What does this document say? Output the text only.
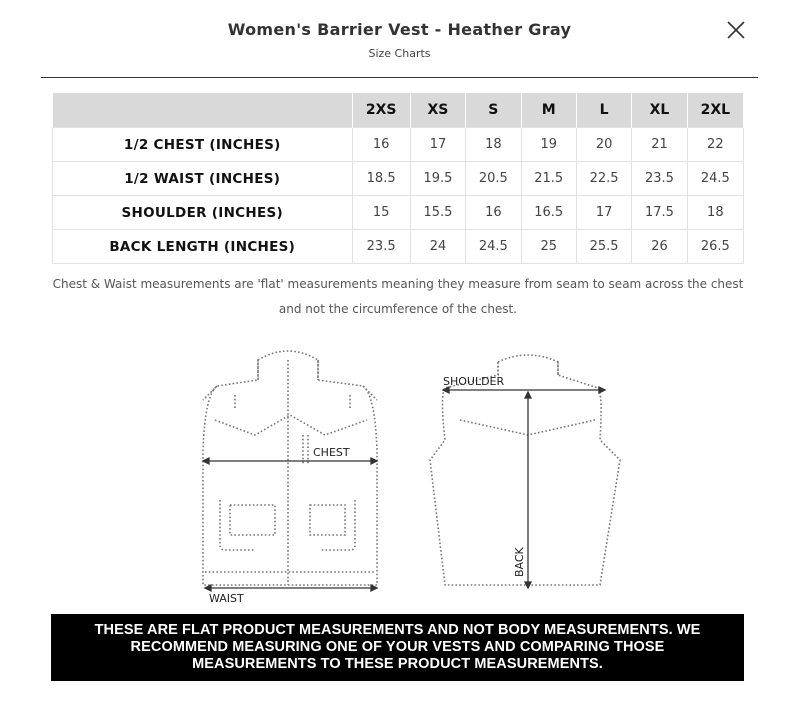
Women's Barrier Vest - Heather Gray
Size Charts
	2XS	XS	S	M	L	XL	2XL
1/2 CHEST (INCHES)	16	17	18	19	20	21	22
1/2 WAIST (INCHES)	18.5	19.5	20.5	21.5	22.5	23.5	24.5
SHOULDER (INCHES)	15	15.5	16	16.5	17	17.5	18
BACK LENGTH (INCHES)	23.5	24	24.5	25	25.5	26	26.5
Chest & Waist measurements are 'flat' measurements meaning they measure from seam to seam across the chest and not the circumference of the chest.
CHEST
WAIST
SHOULDER
BACK
THESE ARE FLAT PRODUCT MEASUREMENTS AND NOT BODY MEASUREMENTS. WE RECOMMEND MEASURING ONE OF YOUR VESTS AND COMPARING THOSE MEASUREMENTS TO THESE PRODUCT MEASUREMENTS.
